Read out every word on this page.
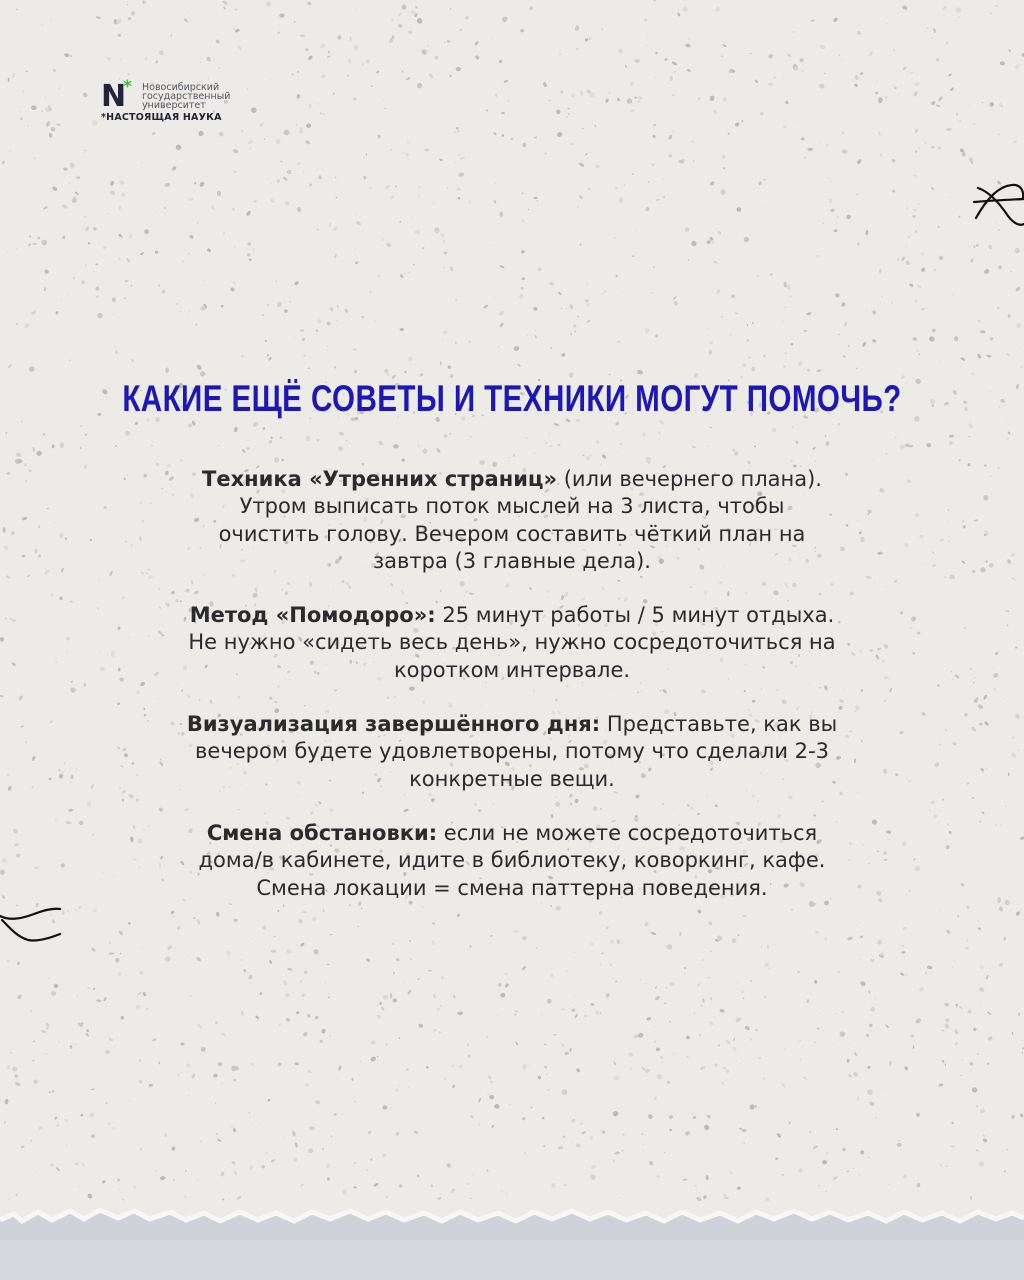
N
* Новосибирский
государственный
университет
*НАСТОЯЩАЯ НАУКА
КАКИЕ ЕЩЁ СОВЕТЫ И ТЕХНИКИ МОГУТ ПОМОЧЬ?

Техника «Утренних страниц» (или вечернего плана).
Утром выписать поток мыслей на 3 листа, чтобы
очистить голову. Вечером составить чёткий план на
завтра (3 главные дела).

Метод «Помодоро»: 25 минут работы / 5 минут отдыха.
Не нужно «сидеть весь день», нужно сосредоточиться на
коротком интервале.

Визуализация завершённого дня: Представьте, как вы
вечером будете удовлетворены, потому что сделали 2-3
конкретные вещи.

Смена обстановки: если не можете сосредоточиться
дома/в кабинете, идите в библиотеку, коворкинг, кафе.
Смена локации = смена паттерна поведения.
